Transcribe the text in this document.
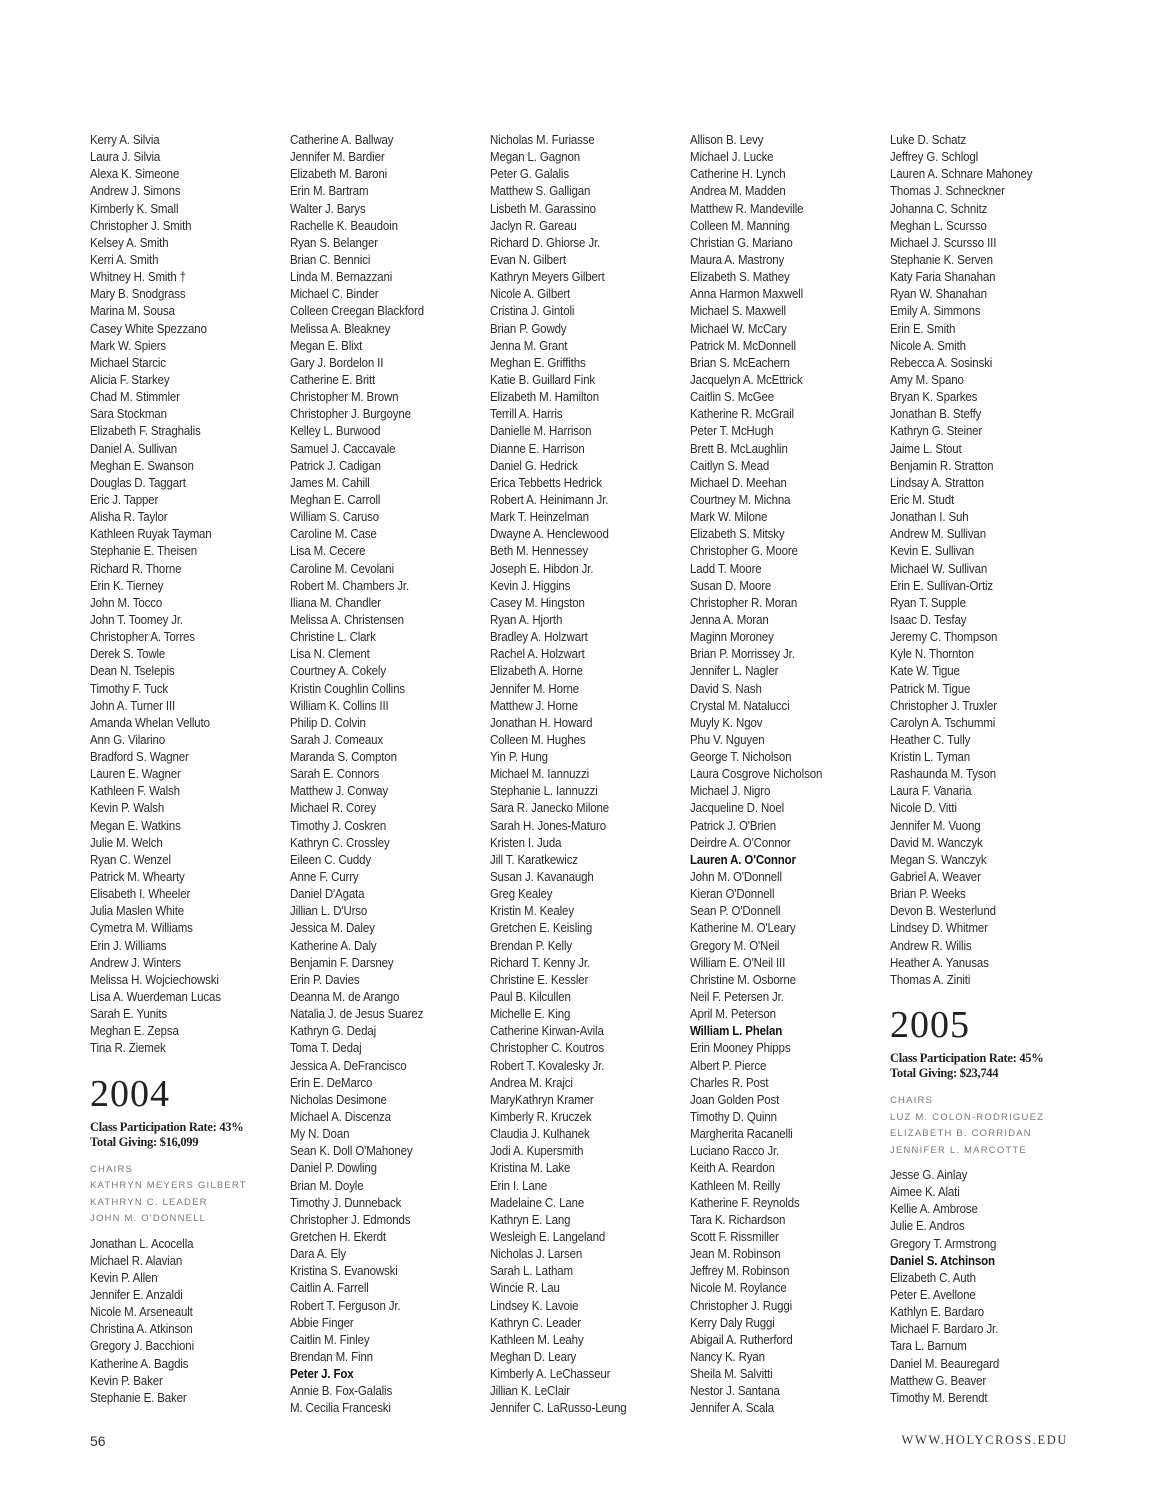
Kerry A. Silvia
Laura J. Silvia
Alexa K. Simeone
Andrew J. Simons
Kimberly K. Small
Christopher J. Smith
Kelsey A. Smith
Kerri A. Smith
Whitney H. Smith †
Mary B. Snodgrass
Marina M. Sousa
Casey White Spezzano
Mark W. Spiers
Michael Starcic
Alicia F. Starkey
Chad M. Stimmler
Sara Stockman
Elizabeth F. Straghalis
Daniel A. Sullivan
Meghan E. Swanson
Douglas D. Taggart
Eric J. Tapper
Alisha R. Taylor
Kathleen Ruyak Tayman
Stephanie E. Theisen
Richard R. Thorne
Erin K. Tierney
John M. Tocco
John T. Toomey Jr.
Christopher A. Torres
Derek S. Towle
Dean N. Tselepis
Timothy F. Tuck
John A. Turner III
Amanda Whelan Velluto
Ann G. Vilarino
Bradford S. Wagner
Lauren E. Wagner
Kathleen F. Walsh
Kevin P. Walsh
Megan E. Watkins
Julie M. Welch
Ryan C. Wenzel
Patrick M. Whearty
Elisabeth I. Wheeler
Julia Maslen White
Cymetra M. Williams
Erin J. Williams
Andrew J. Winters
Melissa H. Wojciechowski
Lisa A. Wuerdeman Lucas
Sarah E. Yunits
Meghan E. Zepsa
Tina R. Ziemek
2004
Class Participation Rate: 43%
Total Giving: $16,099
CHAIRS
KATHRYN MEYERS GILBERT
KATHRYN C. LEADER
JOHN M. O'DONNELL
Jonathan L. Acocella
Michael R. Alavian
Kevin P. Allen
Jennifer E. Anzaldi
Nicole M. Arseneault
Christina A. Atkinson
Gregory J. Bacchioni
Katherine A. Bagdis
Kevin P. Baker
Stephanie E. Baker
Catherine A. Ballway
Jennifer M. Bardier
Elizabeth M. Baroni
Erin M. Bartram
Walter J. Barys
Rachelle K. Beaudoin
Ryan S. Belanger
Brian C. Bennici
Linda M. Bernazzani
Michael C. Binder
Colleen Creegan Blackford
Melissa A. Bleakney
Megan E. Blixt
Gary J. Bordelon II
Catherine E. Britt
Christopher M. Brown
Christopher J. Burgoyne
Kelley L. Burwood
Samuel J. Caccavale
Patrick J. Cadigan
James M. Cahill
Meghan E. Carroll
William S. Caruso
Caroline M. Case
Lisa M. Cecere
Caroline M. Cevolani
Robert M. Chambers Jr.
Iliana M. Chandler
Melissa A. Christensen
Christine L. Clark
Lisa N. Clement
Courtney A. Cokely
Kristin Coughlin Collins
William K. Collins III
Philip D. Colvin
Sarah J. Comeaux
Maranda S. Compton
Sarah E. Connors
Matthew J. Conway
Michael R. Corey
Timothy J. Coskren
Kathryn C. Crossley
Eileen C. Cuddy
Anne F. Curry
Daniel D'Agata
Jillian L. D'Urso
Jessica M. Daley
Katherine A. Daly
Benjamin F. Darsney
Erin P. Davies
Deanna M. de Arango
Natalia J. de Jesus Suarez
Kathryn G. Dedaj
Toma T. Dedaj
Jessica A. DeFrancisco
Erin E. DeMarco
Nicholas Desimone
Michael A. Discenza
My N. Doan
Sean K. Doll O'Mahoney
Daniel P. Dowling
Brian M. Doyle
Timothy J. Dunneback
Christopher J. Edmonds
Gretchen H. Ekerdt
Dara A. Ely
Kristina S. Evanowski
Caitlin A. Farrell
Robert T. Ferguson Jr.
Abbie Finger
Caitlin M. Finley
Brendan M. Finn
Peter J. Fox
Annie B. Fox-Galalis
M. Cecilia Franceski
Nicholas M. Furiasse
Megan L. Gagnon
Peter G. Galalis
Matthew S. Galligan
Lisbeth M. Garassino
Jaclyn R. Gareau
Richard D. Ghiorse Jr.
Evan N. Gilbert
Kathryn Meyers Gilbert
Nicole A. Gilbert
Cristina J. Gintoli
Brian P. Gowdy
Jenna M. Grant
Meghan E. Griffiths
Katie B. Guillard Fink
Elizabeth M. Hamilton
Terrill A. Harris
Danielle M. Harrison
Dianne E. Harrison
Daniel G. Hedrick
Erica Tebbetts Hedrick
Robert A. Heinimann Jr.
Mark T. Heinzelman
Dwayne A. Henclewood
Beth M. Hennessey
Joseph E. Hibdon Jr.
Kevin J. Higgins
Casey M. Hingston
Ryan A. Hjorth
Bradley A. Holzwart
Rachel A. Holzwart
Elizabeth A. Horne
Jennifer M. Horne
Matthew J. Horne
Jonathan H. Howard
Colleen M. Hughes
Yin P. Hung
Michael M. Iannuzzi
Stephanie L. Iannuzzi
Sara R. Janecko Milone
Sarah H. Jones-Maturo
Kristen I. Juda
Jill T. Karatkewicz
Susan J. Kavanaugh
Greg Kealey
Kristin M. Kealey
Gretchen E. Keisling
Brendan P. Kelly
Richard T. Kenny Jr.
Christine E. Kessler
Paul B. Kilcullen
Michelle E. King
Catherine Kirwan-Avila
Christopher C. Koutros
Robert T. Kovalesky Jr.
Andrea M. Krajci
MaryKathryn Kramer
Kimberly R. Kruczek
Claudia J. Kulhanek
Jodi A. Kupersmith
Kristina M. Lake
Erin I. Lane
Madelaine C. Lane
Kathryn E. Lang
Wesleigh E. Langeland
Nicholas J. Larsen
Sarah L. Latham
Wincie R. Lau
Lindsey K. Lavoie
Kathryn C. Leader
Kathleen M. Leahy
Meghan D. Leary
Kimberly A. LeChasseur
Jillian K. LeClair
Jennifer C. LaRusso-Leung
Allison B. Levy
Michael J. Lucke
Catherine H. Lynch
Andrea M. Madden
Matthew R. Mandeville
Colleen M. Manning
Christian G. Mariano
Maura A. Mastrony
Elizabeth S. Mathey
Anna Harmon Maxwell
Michael S. Maxwell
Michael W. McCary
Patrick M. McDonnell
Brian S. McEachern
Jacquelyn A. McEttrick
Caitlin S. McGee
Katherine R. McGrail
Peter T. McHugh
Brett B. McLaughlin
Caitlyn S. Mead
Michael D. Meehan
Courtney M. Michna
Mark W. Milone
Elizabeth S. Mitsky
Christopher G. Moore
Ladd T. Moore
Susan D. Moore
Christopher R. Moran
Jenna A. Moran
Maginn Moroney
Brian P. Morrissey Jr.
Jennifer L. Nagler
David S. Nash
Crystal M. Natalucci
Muyly K. Ngov
Phu V. Nguyen
George T. Nicholson
Laura Cosgrove Nicholson
Michael J. Nigro
Jacqueline D. Noel
Patrick J. O'Brien
Deirdre A. O'Connor
Lauren A. O'Connor
John M. O'Donnell
Kieran O'Donnell
Sean P. O'Donnell
Katherine M. O'Leary
Gregory M. O'Neil
William E. O'Neil III
Christine M. Osborne
Neil F. Petersen Jr.
April M. Peterson
William L. Phelan
Erin Mooney Phipps
Albert P. Pierce
Charles R. Post
Joan Golden Post
Timothy D. Quinn
Margherita Racanelli
Luciano Racco Jr.
Keith A. Reardon
Kathleen M. Reilly
Katherine F. Reynolds
Tara K. Richardson
Scott F. Rissmiller
Jean M. Robinson
Jeffrey M. Robinson
Nicole M. Roylance
Christopher J. Ruggi
Kerry Daly Ruggi
Abigail A. Rutherford
Nancy K. Ryan
Sheila M. Salvitti
Nestor J. Santana
Jennifer A. Scala
Luke D. Schatz
Jeffrey G. Schlogl
Lauren A. Schnare Mahoney
Thomas J. Schneckner
Johanna C. Schnitz
Meghan L. Scursso
Michael J. Scursso III
Stephanie K. Serven
Katy Faria Shanahan
Ryan W. Shanahan
Emily A. Simmons
Erin E. Smith
Nicole A. Smith
Rebecca A. Sosinski
Amy M. Spano
Bryan K. Sparkes
Jonathan B. Steffy
Kathryn G. Steiner
Jaime L. Stout
Benjamin R. Stratton
Lindsay A. Stratton
Eric M. Studt
Jonathan I. Suh
Andrew M. Sullivan
Kevin E. Sullivan
Michael W. Sullivan
Erin E. Sullivan-Ortiz
Ryan T. Supple
Isaac D. Tesfay
Jeremy C. Thompson
Kyle N. Thornton
Kate W. Tigue
Patrick M. Tigue
Christopher J. Truxler
Carolyn A. Tschummi
Heather C. Tully
Kristin L. Tyman
Rashaunda M. Tyson
Laura F. Vanaria
Nicole D. Vitti
Jennifer M. Vuong
David M. Wanczyk
Megan S. Wanczyk
Gabriel A. Weaver
Brian P. Weeks
Devon B. Westerlund
Lindsey D. Whitmer
Andrew R. Willis
Heather A. Yanusas
Thomas A. Ziniti
2005
Class Participation Rate: 45%
Total Giving: $23,744
CHAIRS
LUZ M. COLON-RODRIGUEZ
ELIZABETH B. CORRIDAN
JENNIFER L. MARCOTTE
Jesse G. Ainlay
Aimee K. Alati
Kellie A. Ambrose
Julie E. Andros
Gregory T. Armstrong
Daniel S. Atchinson
Elizabeth C. Auth
Peter E. Avellone
Kathlyn E. Bardaro
Michael F. Bardaro Jr.
Tara L. Barnum
Daniel M. Beauregard
Matthew G. Beaver
Timothy M. Berendt
56	WWW.HOLYCROSS.EDU
